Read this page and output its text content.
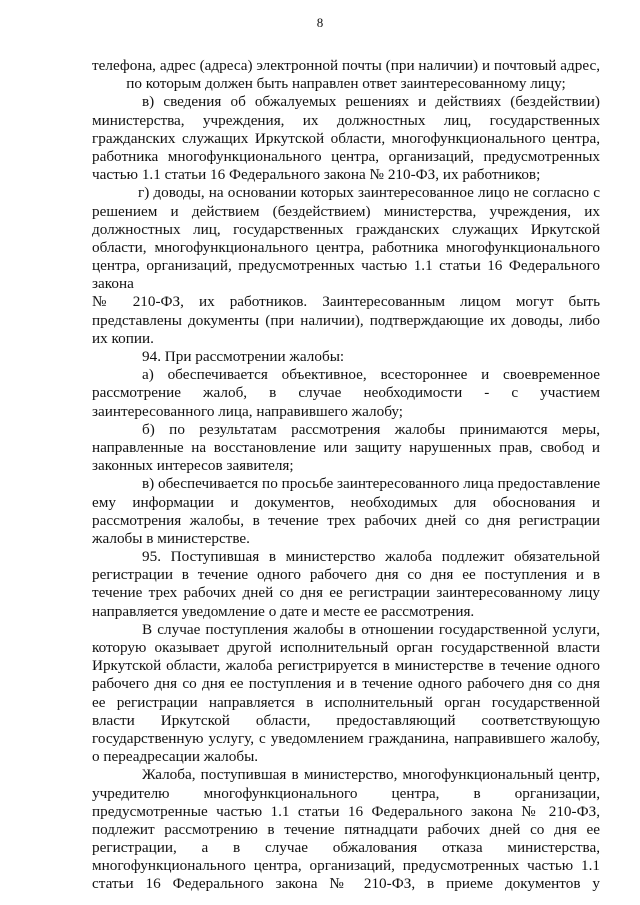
8
телефона, адрес (адреса) электронной почты (при наличии) и почтовый адрес,
по которым должен быть направлен ответ заинтересованному лицу;
в) сведения об обжалуемых решениях и действиях (бездействии)
министерства, учреждения, их должностных лиц, государственных
гражданских служащих Иркутской области, многофункционального центра,
работника многофункционального центра, организаций, предусмотренных
частью 1.1 статьи 16 Федерального закона № 210-ФЗ, их работников;
г) доводы, на основании которых заинтересованное лицо не согласно с
решением и действием (бездействием) министерства, учреждения, их
должностных лиц, государственных гражданских служащих Иркутской
области, многофункционального центра, работника многофункционального
центра, организаций, предусмотренных частью 1.1 статьи 16 Федерального
закона
№ 210-ФЗ, их работников. Заинтересованным лицом могут быть
представлены документы (при наличии), подтверждающие их доводы, либо
их копии.
94. При рассмотрении жалобы:
а) обеспечивается объективное, всестороннее и своевременное
рассмотрение жалоб, в случае необходимости - с участием
заинтересованного лица, направившего жалобу;
б) по результатам рассмотрения жалобы принимаются меры,
направленные на восстановление или защиту нарушенных прав, свобод и
законных интересов заявителя;
в) обеспечивается по просьбе заинтересованного лица предоставление
ему информации и документов, необходимых для обоснования и
рассмотрения жалобы, в течение трех рабочих дней со дня регистрации
жалобы в министерстве.
95. Поступившая в министерство жалоба подлежит обязательной
регистрации в течение одного рабочего дня со дня ее поступления и в
течение трех рабочих дней со дня ее регистрации заинтересованному лицу
направляется уведомление о дате и месте ее рассмотрения.
В случае поступления жалобы в отношении государственной услуги,
которую оказывает другой исполнительный орган государственной власти
Иркутской области, жалоба регистрируется в министерстве в течение одного
рабочего дня со дня ее поступления и в течение одного рабочего дня со дня
ее регистрации направляется в исполнительный орган государственной
власти Иркутской области, предоставляющий соответствующую
государственную услугу, с уведомлением гражданина, направившего жалобу,
о переадресации жалобы.
Жалоба, поступившая в министерство, многофункциональный центр,
учредителю многофункционального центра, в организации,
предусмотренные частью 1.1 статьи 16 Федерального закона № 210-ФЗ,
подлежит рассмотрению в течение пятнадцати рабочих дней со дня ее
регистрации, а в случае обжалования отказа министерства,
многофункционального центра, организаций, предусмотренных частью 1.1
статьи 16 Федерального закона № 210-ФЗ, в приеме документов у
